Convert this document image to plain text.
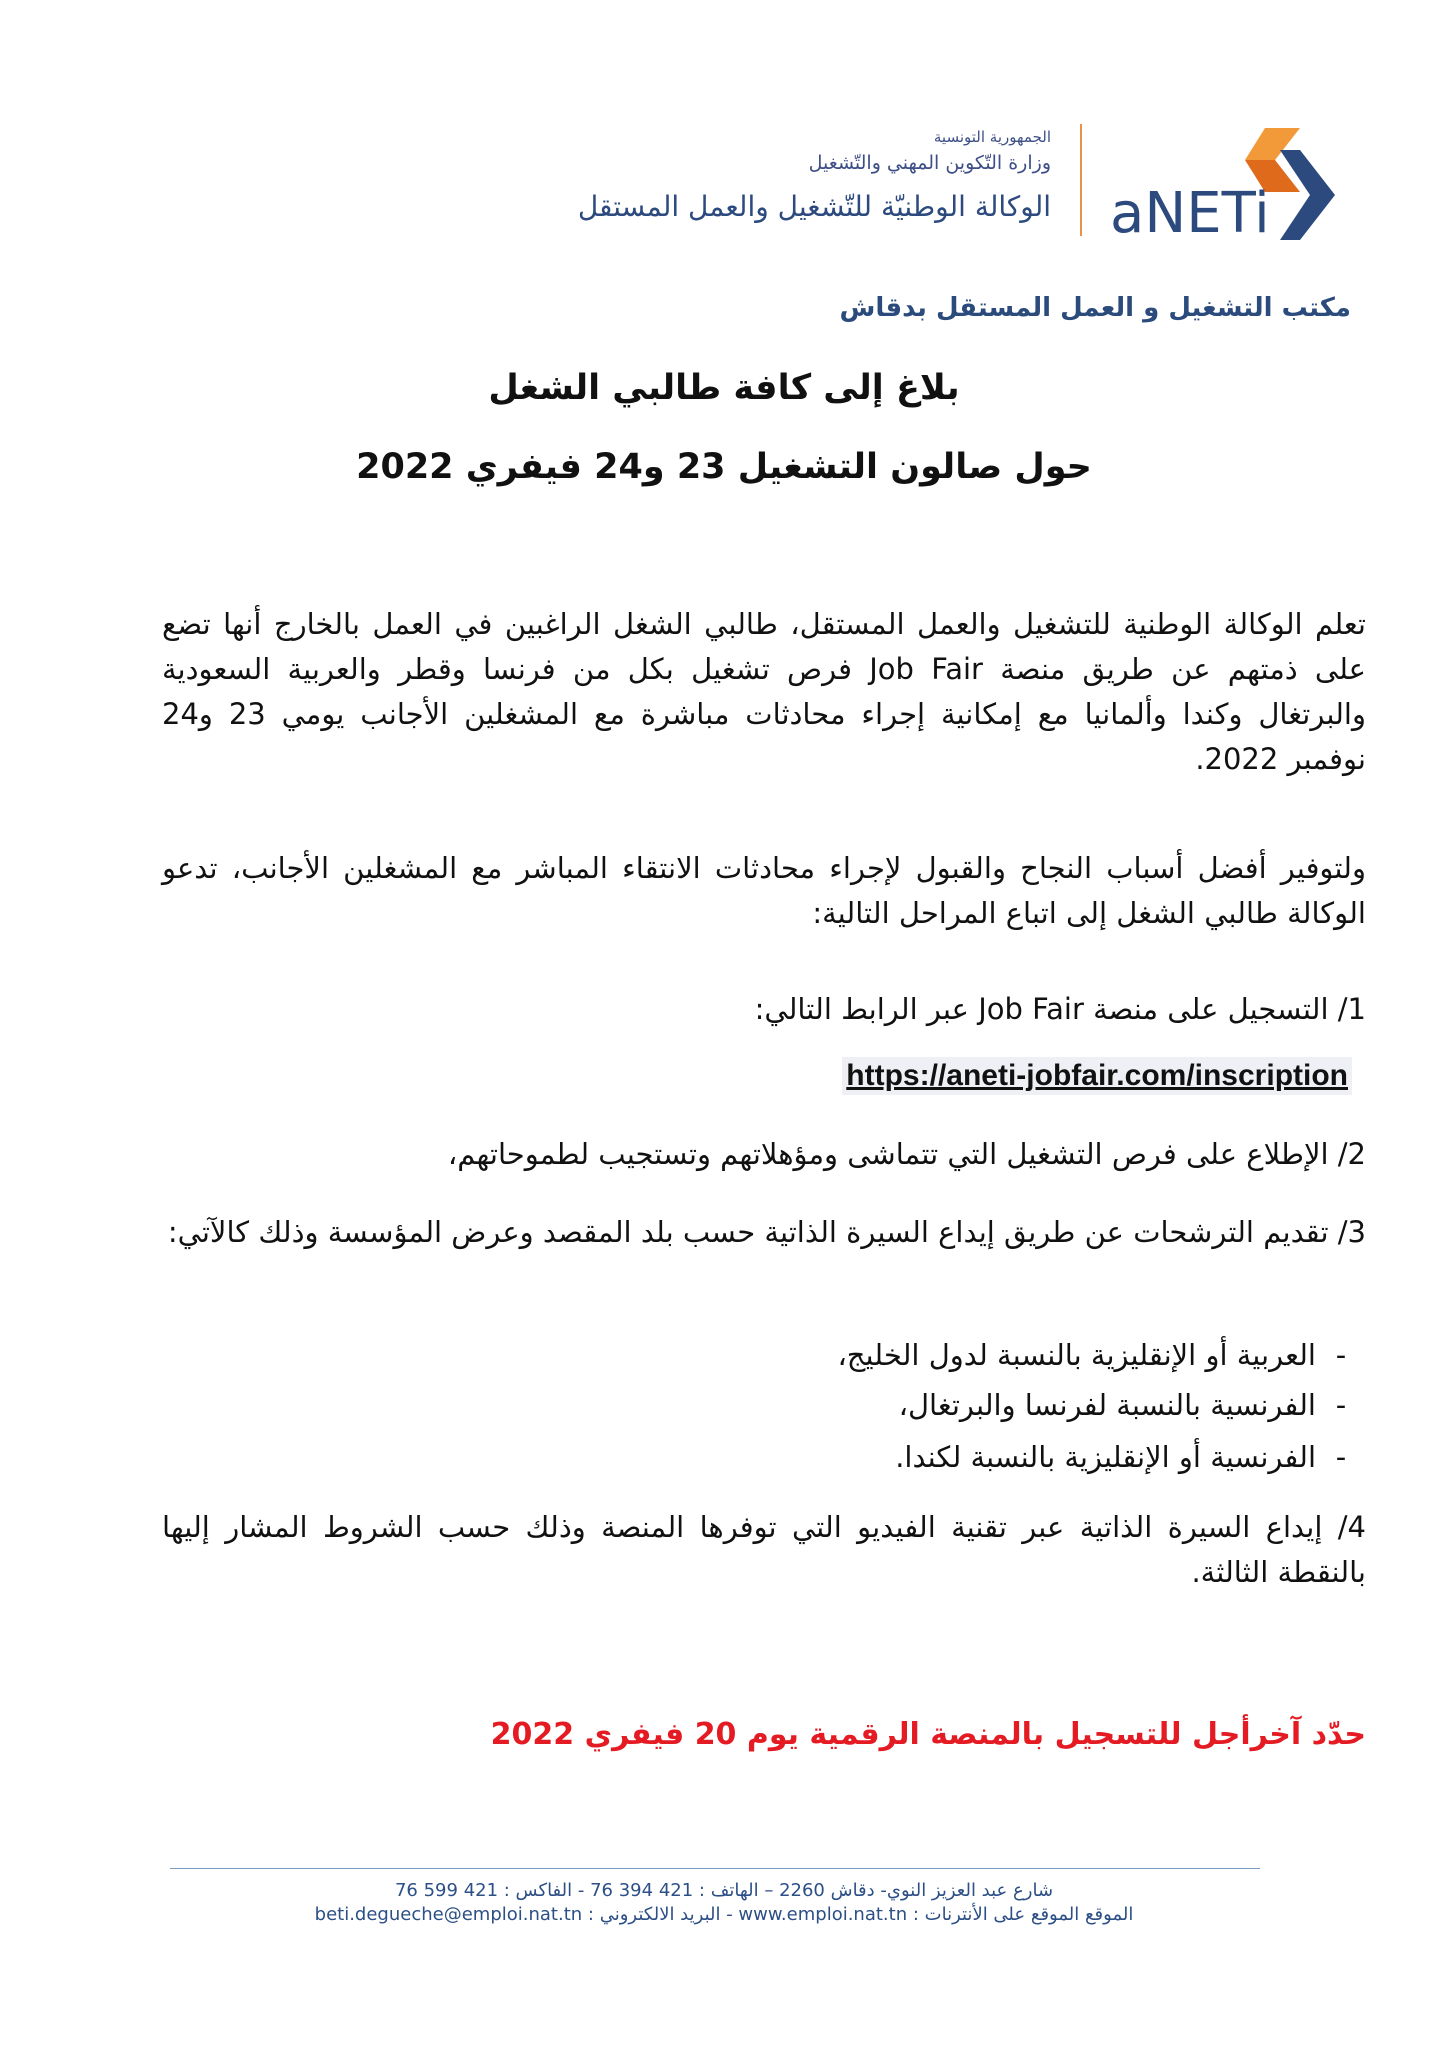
الجمهورية التونسية
وزارة التّكوين المهني والتّشغيل
الوكالة الوطنيّة للتّشغيل والعمل المستقل aNETi
مكتب التشغيل و العمل المستقل بدقاش
بلاغ إلى كافة طالبي الشغل
حول صالون التشغيل 23 و24 فيفري 2022
تعلم الوكالة الوطنية للتشغيل والعمل المستقل، طالبي الشغل الراغبين في العمل بالخارج أنها تضع على ذمتهم عن طريق منصة Job Fair فرص تشغيل بكل من فرنسا وقطر والعربية السعودية والبرتغال وكندا وألمانيا مع إمكانية إجراء محادثات مباشرة مع المشغلين الأجانب يومي 23 و24 نوفمبر 2022.
ولتوفير أفضل أسباب النجاح والقبول لإجراء محادثات الانتقاء المباشر مع المشغلين الأجانب، تدعو الوكالة طالبي الشغل إلى اتباع المراحل التالية:
1/ التسجيل على منصة Job Fair عبر الرابط التالي:
https://aneti-jobfair.com/inscription
2/ الإطلاع على فرص التشغيل التي تتماشى ومؤهلاتهم وتستجيب لطموحاتهم،
3/ تقديم الترشحات عن طريق إيداع السيرة الذاتية حسب بلد المقصد وعرض المؤسسة وذلك كالآتي:
-العربية أو الإنقليزية بالنسبة لدول الخليج،
-الفرنسية بالنسبة لفرنسا والبرتغال،
-الفرنسية أو الإنقليزية بالنسبة لكندا.
4/ إيداع السيرة الذاتية عبر تقنية الفيديو التي توفرها المنصة وذلك حسب الشروط المشار إليها بالنقطة الثالثة.
حدّد آخرأجل للتسجيل بالمنصة الرقمية يوم 20 فيفري 2022
شارع عبد العزيز النوي- دقاش 2260 – الهاتف : 421 394 76 - الفاكس : 421 599 76
الموقع الموقع على الأنترنات : www.emploi.nat.tn - البريد الالكتروني : beti.degueche@emploi.nat.tn
